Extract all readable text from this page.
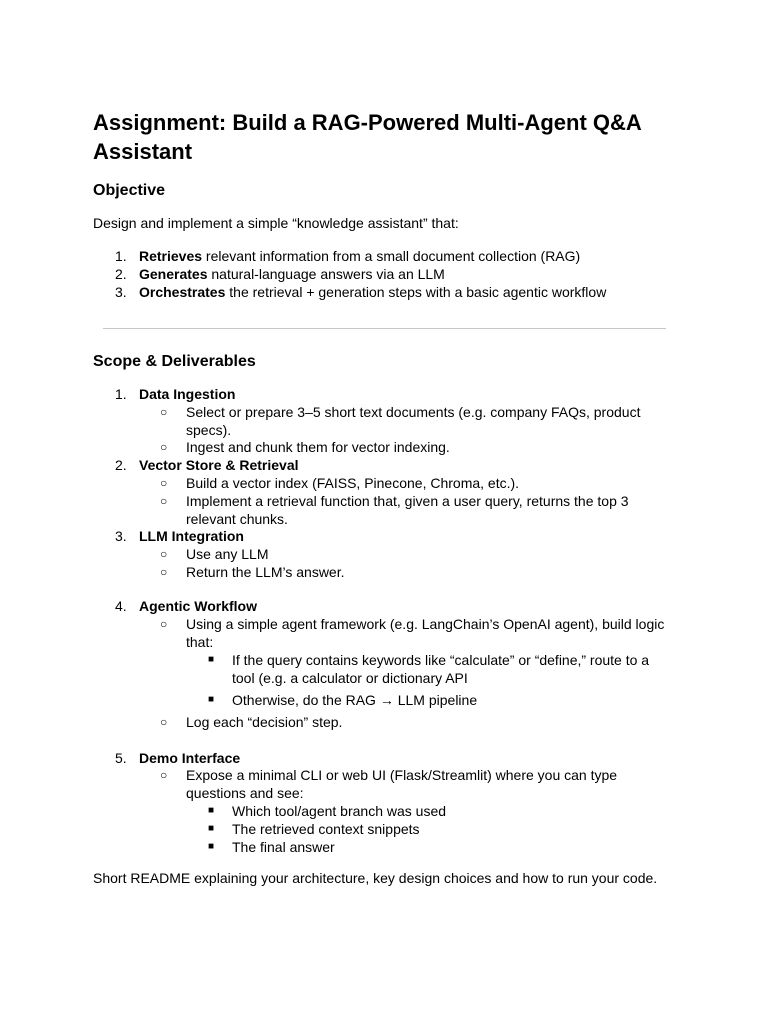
Assignment: Build a RAG-Powered Multi-Agent Q&A Assistant
Objective
Design and implement a simple “knowledge assistant” that:
1. Retrieves relevant information from a small document collection (RAG)
2. Generates natural-language answers via an LLM
3. Orchestrates the retrieval + generation steps with a basic agentic workflow
Scope & Deliverables
1. Data Ingestion
○ Select or prepare 3–5 short text documents (e.g. company FAQs, product specs).
○ Ingest and chunk them for vector indexing.
2. Vector Store & Retrieval
○ Build a vector index (FAISS, Pinecone, Chroma, etc.).
○ Implement a retrieval function that, given a user query, returns the top 3 relevant chunks.
3. LLM Integration
○ Use any LLM
○ Return the LLM’s answer.
4. Agentic Workflow
○ Using a simple agent framework (e.g. LangChain’s OpenAI agent), build logic that:
■ If the query contains keywords like “calculate” or “define,” route to a tool (e.g. a calculator or dictionary API
■ Otherwise, do the RAG → LLM pipeline
○ Log each “decision” step.
5. Demo Interface
○ Expose a minimal CLI or web UI (Flask/Streamlit) where you can type questions and see:
■ Which tool/agent branch was used
■ The retrieved context snippets
■ The final answer
Short README explaining your architecture, key design choices and how to run your code.
